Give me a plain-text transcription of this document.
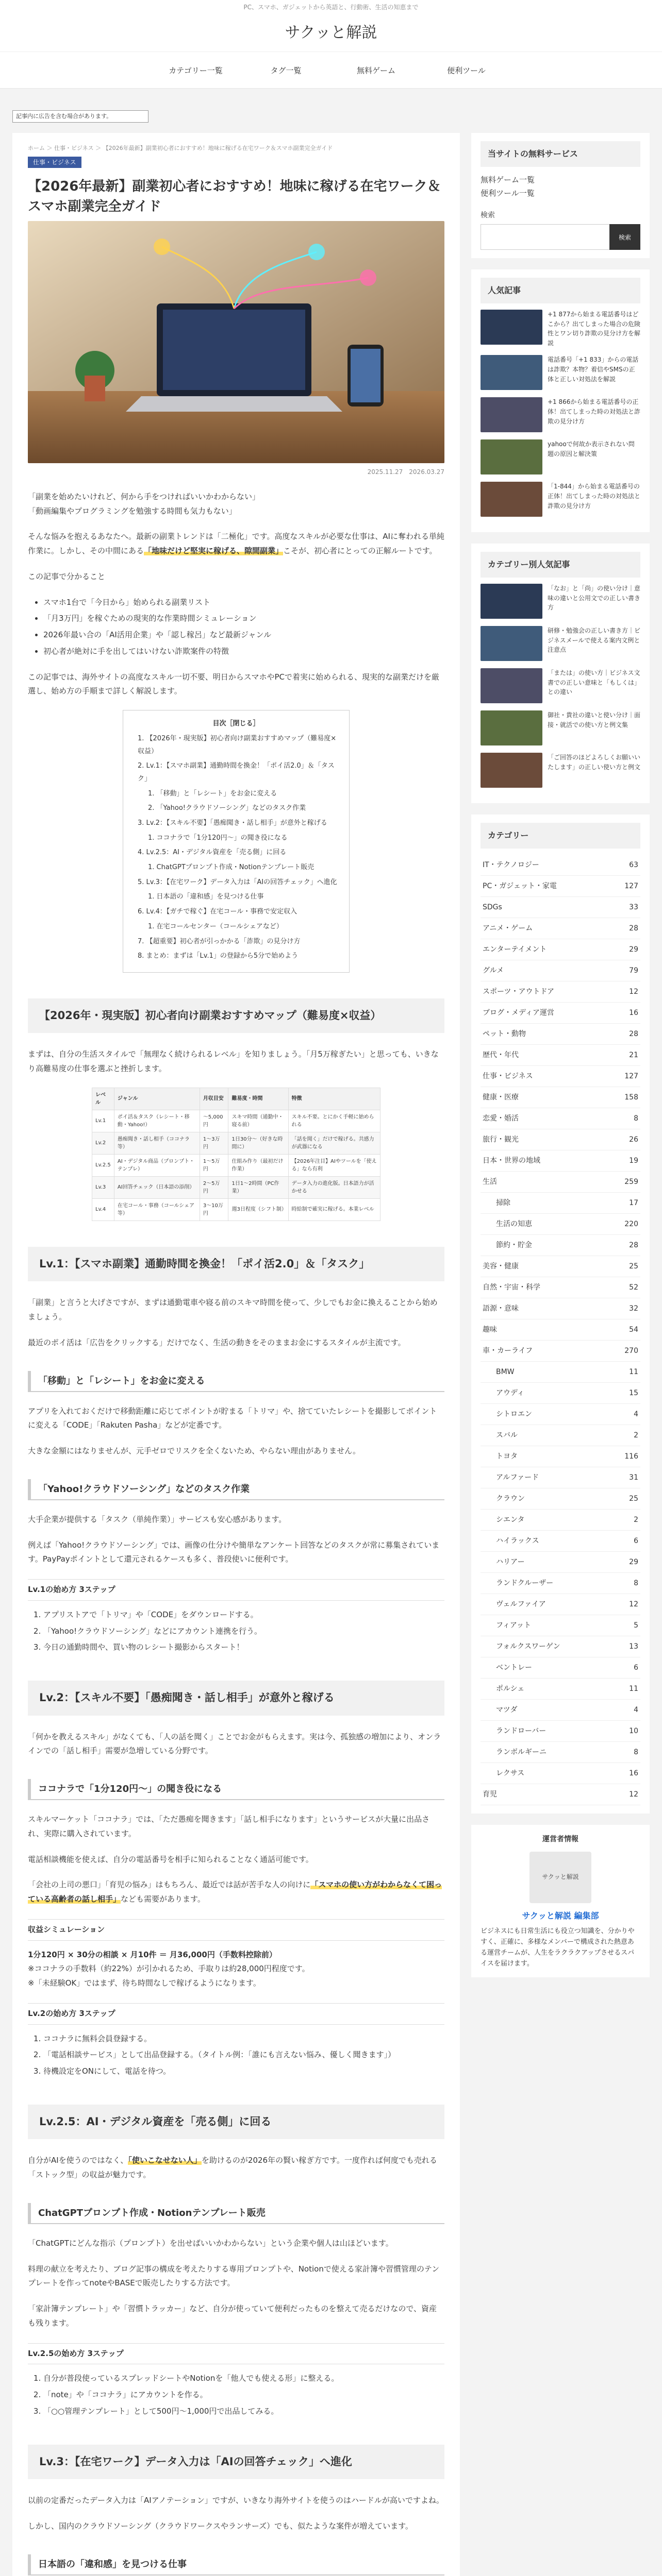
PC、スマホ、ガジェットから英語と、行動術、生活の知恵まで
サクッと解説
カテゴリー一覧	タグ一覧	無料ゲーム	便利ツール
記事内に広告を含む場合があります。
ホーム ＞ 仕事・ビジネス ＞ 【2026年最新】副業初心者におすすめ！地味に稼げる在宅ワーク＆スマホ副業完全ガイド
仕事・ビジネス
【2026年最新】副業初心者におすすめ！地味に稼げる在宅ワーク＆スマホ副業完全ガイド
2025.11.27　2026.03.27

「副業を始めたいけれど、何から手をつければいいかわからない」
「動画編集やプログラミングを勉強する時間も気力もない」

そんな悩みを抱えるあなたへ。最新の副業トレンドは「二極化」です。高度なスキルが必要な仕事は、AIに奪われる単純作業に。しかし、その中間にある「地味だけど堅実に稼げる、隙間副業」こそが、初心者にとっての正解ルートです。

この記事で分かること

• スマホ1台で「今日から」始められる副業リスト
• 「月3万円」を稼ぐための現実的な作業時間シミュレーション
• 2026年最い合の「AI活用企業」や「認し稼呂」など最新ジャンル
• 初心者が絶対に手を出してはいけない詐欺案件の特徴

この記事では、海外サイトの高度なスキル一切不要、明日からスマホやPCで着実に始められる、現実的な副業だけを厳選し、始め方の手順まで詳しく解説します。

目次［閉じる］
1. 【2026年・現実版】初心者向け副業おすすめマップ（難易度×収益）
2. Lv.1：【スマホ副業】通勤時間を換金！「ポイ活2.0」＆「タスク」
1. 「移動」と「レシート」をお金に変える
2. 「Yahoo!クラウドソーシング」などのタスク作業
3. Lv.2：【スキル不要】「愚痴聞き・話し相手」が意外と稼げる
1. ココナラで「1分120円〜」の聞き役になる
4. Lv.2.5：AI・デジタル資産を「売る側」に回る
1. ChatGPTプロンプト作成・Notionテンプレート販売
5. Lv.3：【在宅ワーク】データ入力は「AIの回答チェック」へ進化
1. 日本語の「違和感」を見つける仕事
6. Lv.4：【ガチで稼ぐ】在宅コール・事務で安定収入
1. 在宅コールセンター（コールシェアなど）
7. 【超重要】初心者が引っかかる「詐欺」の見分け方
8. まとめ：まずは「Lv.1」の登録から5分で始めよう
【2026年・現実版】初心者向け副業おすすめマップ（難易度×収益）

まずは、自分の生活スタイルで「無理なく続けられるレベル」を知りましょう。「月5万稼ぎたい」と思っても、いきなり高難易度の仕事を選ぶと挫折します。

レベル	ジャンル	月収目安	難易度・時間	特徴
Lv.1	ポイ活＆タスク（レシート・移動・Yahoo!）	〜5,000円	スキマ時間（通勤中・寝る前）	スキル不要。とにかく手軽に始められる
Lv.2	愚痴聞き・話し相手（ココナラ等）	1〜3万円	1日30分〜（好きな時間に）	「話を聞く」だけで稼げる。共感力が武器になる
Lv.2.5	AI・デジタル商品（プロンプト・テンプレ）	1〜5万円	仕組み作り（最初だけ作業）	【2026年注目】AIやツールを「使える」なら有利
Lv.3	AI回答チェック（日本語の添削）	2〜5万円	1日1〜2時間（PC作業）	データ入力の進化版。日本語力が活かせる
Lv.4	在宅コール・事務（コールシェア等）	3〜10万円	週3日程度（シフト制）	時給制で確実に稼げる。本業レベル
Lv.1：【スマホ副業】通勤時間を換金！「ポイ活2.0」＆「タスク」

「副業」と言うと大げさですが、まずは通勤電車や寝る前のスキマ時間を使って、少しでもお金に換えることから始めましょう。

最近のポイ活は「広告をクリックする」だけでなく、生活の動きをそのままお金にするスタイルが主流です。

「移動」と「レシート」をお金に変える

アプリを入れておくだけで移動距離に応じてポイントが貯まる「トリマ」や、捨てていたレシートを撮影してポイントに変える「CODE」「Rakuten Pasha」などが定番です。

大きな金額にはなりませんが、元手ゼロでリスクを全くないため、やらない理由がありません。

「Yahoo!クラウドソーシング」などのタスク作業

大手企業が提供する「タスク（単純作業）」サービスも安心感があります。

例えば「Yahoo!クラウドソーシング」では、画像の仕分けや簡単なアンケート回答などのタスクが常に募集されています。PayPayポイントとして還元されるケースも多く、普段使いに便利です。

Lv.1の始め方 3ステップ
1. アプリストアで「トリマ」や「CODE」をダウンロードする。
2. 「Yahoo!クラウドソーシング」などにアカウント連携を行う。
3. 今日の通勤時間や、買い物のレシート撮影からスタート！
Lv.2：【スキル不要】「愚痴聞き・話し相手」が意外と稼げる

「何かを教えるスキル」がなくても、「人の話を聞く」ことでお金がもらえます。実は今、孤独感の増加により、オンラインでの「話し相手」需要が急増している分野です。

ココナラで「1分120円〜」の聞き役になる

スキルマーケット「ココナラ」では、「ただ愚痴を聞きます」「話し相手になります」というサービスが大量に出品され、実際に購入されています。

電話相談機能を使えば、自分の電話番号を相手に知られることなく通話可能です。

「会社の上司の悪口」「育児の悩み」はもちろん、最近では話が苦手な人の向けに「スマホの使い方がわからなくて困っている高齢者の話し相手」なども需要があります。

収益シミュレーション

1分120円 × 30分の相談 × 月10件 ＝ 月36,000円（手数料控除前）
※ココナラの手数料（約22%）が引かれるため、手取りは約28,000円程度です。
※「未経験OK」ではまず、待ち時間なしで稼げるようになります。

Lv.2の始め方 3ステップ
1. ココナラに無料会員登録する。
2. 「電話相談サービス」として出品登録する。（タイトル例：「誰にも言えない悩み、優しく聞きます」）
3. 待機設定をONにして、電話を待つ。
Lv.2.5：AI・デジタル資産を「売る側」に回る

自分がAIを使うのではなく、「使いこなせない人」を助けるのが2026年の賢い稼ぎ方です。一度作れば何度でも売れる「ストック型」の収益が魅力です。

ChatGPTプロンプト作成・Notionテンプレート販売

「ChatGPTにどんな指示（プロンプト）を出せばいいかわからない」という企業や個人は山ほどいます。

料理の献立を考えたり、ブログ記事の構成を考えたりする専用プロンプトや、Notionで使える家計簿や習慣管理のテンプレートを作ってnoteやBASEで販売したりする方法です。

「家計簿テンプレート」や「習慣トラッカー」など、自分が使っていて便利だったものを整えて売るだけなので、資産も残ります。

Lv.2.5の始め方 3ステップ
1. 自分が普段使っているスプレッドシートやNotionを「他人でも使える形」に整える。
2. 「note」や「ココナラ」にアカウントを作る。
3. 「○○管理テンプレート」として500円〜1,000円で出品してみる。
Lv.3：【在宅ワーク】データ入力は「AIの回答チェック」へ進化

以前の定番だったデータ入力は「AIアノテーション」ですが、いきなり海外サイトを使うのはハードルが高いですよね。

しかし、国内のクラウドソーシング（クラウドワークスやランサーズ）でも、似たような案件が増えています。

日本語の「違和感」を見つける仕事

当サイトの無料サービス
無料ゲーム一覧
便利ツール一覧
検索
検索
人気記事
+1 877から始まる電話番号はどこから？出てしまった場合の危険性とワン切り詐欺の見分け方を解説
電話番号「+1 833」からの電話は詐欺？本物？着信やSMSの正体と正しい対処法を解説
+1 866から始まる電話番号の正体！出てしまった時の対処法と詐欺の見分け方
yahooで何故か表示されない問題の原因と解決策
「1-844」から始まる電話番号の正体！出てしまった時の対処法と詐欺の見分け方
カテゴリー別人気記事
「なお」と「尚」の使い分け｜意味の違いと公用文での正しい書き方
研修・勉強会の正しい書き方｜ビジネスメールで使える案内文例と注意点
「または」の使い方｜ビジネス文書での正しい意味と「もしくは」との違い
御社・貴社の違いと使い分け｜面接・就活での使い方と例文集
「ご回答のほどよろしくお願いいたします」の正しい使い方と例文
カテゴリー
IT・テクノロジー	63
PC・ガジェット・家電	127
SDGs	33
アニメ・ゲーム	28
エンターテイメント	29
グルメ	79
スポーツ・アウトドア	12
ブログ・メディア運営	16
ペット・動物	28
歴代・年代	21
仕事・ビジネス	127
健康・医療	158
恋愛・婚活	8
旅行・観光	26
日本・世界の地域	19
生活	259
掃除	17
生活の知恵	220
節約・貯金	28
美容・健康	25
自然・宇宙・科学	52
語源・意味	32
趣味	54
車・カーライフ	270
BMW	11
アウディ	15
シトロエン	4
スバル	2
トヨタ	116
アルファード	31
クラウン	25
シエンタ	2
ハイラックス	6
ハリアー	29
ランドクルーザー	8
ヴェルファイア	12
フィアット	5
フォルクスワーゲン	13
ベントレー	6
ポルシェ	11
マツダ	4
ランドローバー	10
ランボルギーニ	8
レクサス	16
育児	12
運営者情報
サクッと解説
サクッと解説 編集部
ビジネスにも日常生活にも役立つ知識を、分かりやすく、正確に、多様なメンバーで構成された熱意ある運営チームが、人生をラクラクアップさせるスパイスを届けます。
